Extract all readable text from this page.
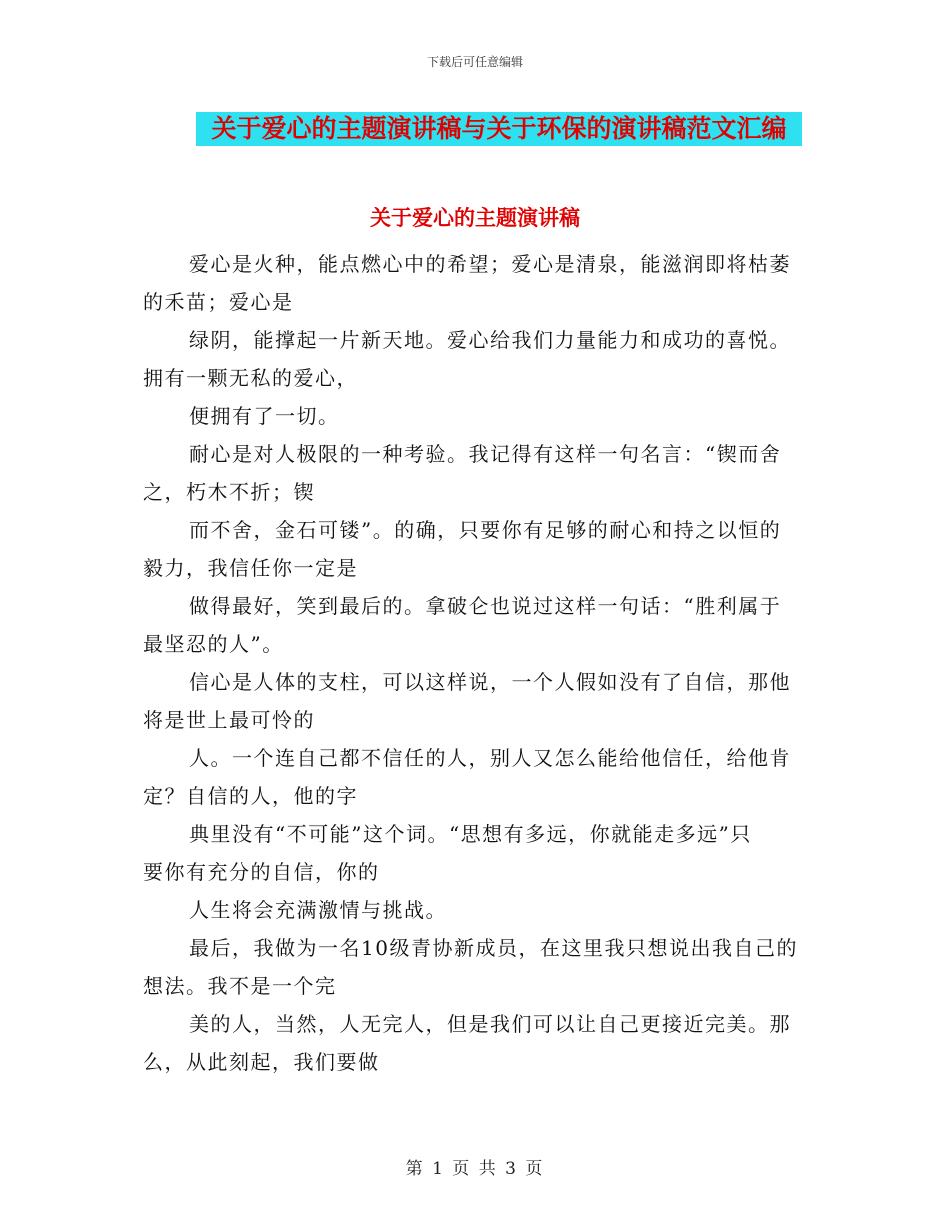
下载后可任意编辑
关于爱心的主题演讲稿与关于环保的演讲稿范文汇编
关于爱心的主题演讲稿
爱心是火种，能点燃心中的希望；爱心是清泉，能滋润即将枯萎
的禾苗；爱心是
绿阴，能撑起一片新天地。爱心给我们力量能力和成功的喜悦。
拥有一颗无私的爱心，
便拥有了一切。
耐心是对人极限的一种考验。我记得有这样一句名言：“锲而舍
之，朽木不折；锲
而不舍，金石可镂”。的确，只要你有足够的耐心和持之以恒的
毅力，我信任你一定是
做得最好，笑到最后的。拿破仑也说过这样一句话：“胜利属于
最坚忍的人”。
信心是人体的支柱，可以这样说，一个人假如没有了自信，那他
将是世上最可怜的
人。一个连自己都不信任的人，别人又怎么能给他信任，给他肯
定？自信的人，他的字
典里没有“不可能”这个词。“思想有多远，你就能走多远”只
要你有充分的自信，你的
人生将会充满激情与挑战。
最后，我做为一名10级青协新成员，在这里我只想说出我自己的
想法。我不是一个完
美的人，当然，人无完人，但是我们可以让自己更接近完美。那
么，从此刻起，我们要做
第 1 页 共 3 页
